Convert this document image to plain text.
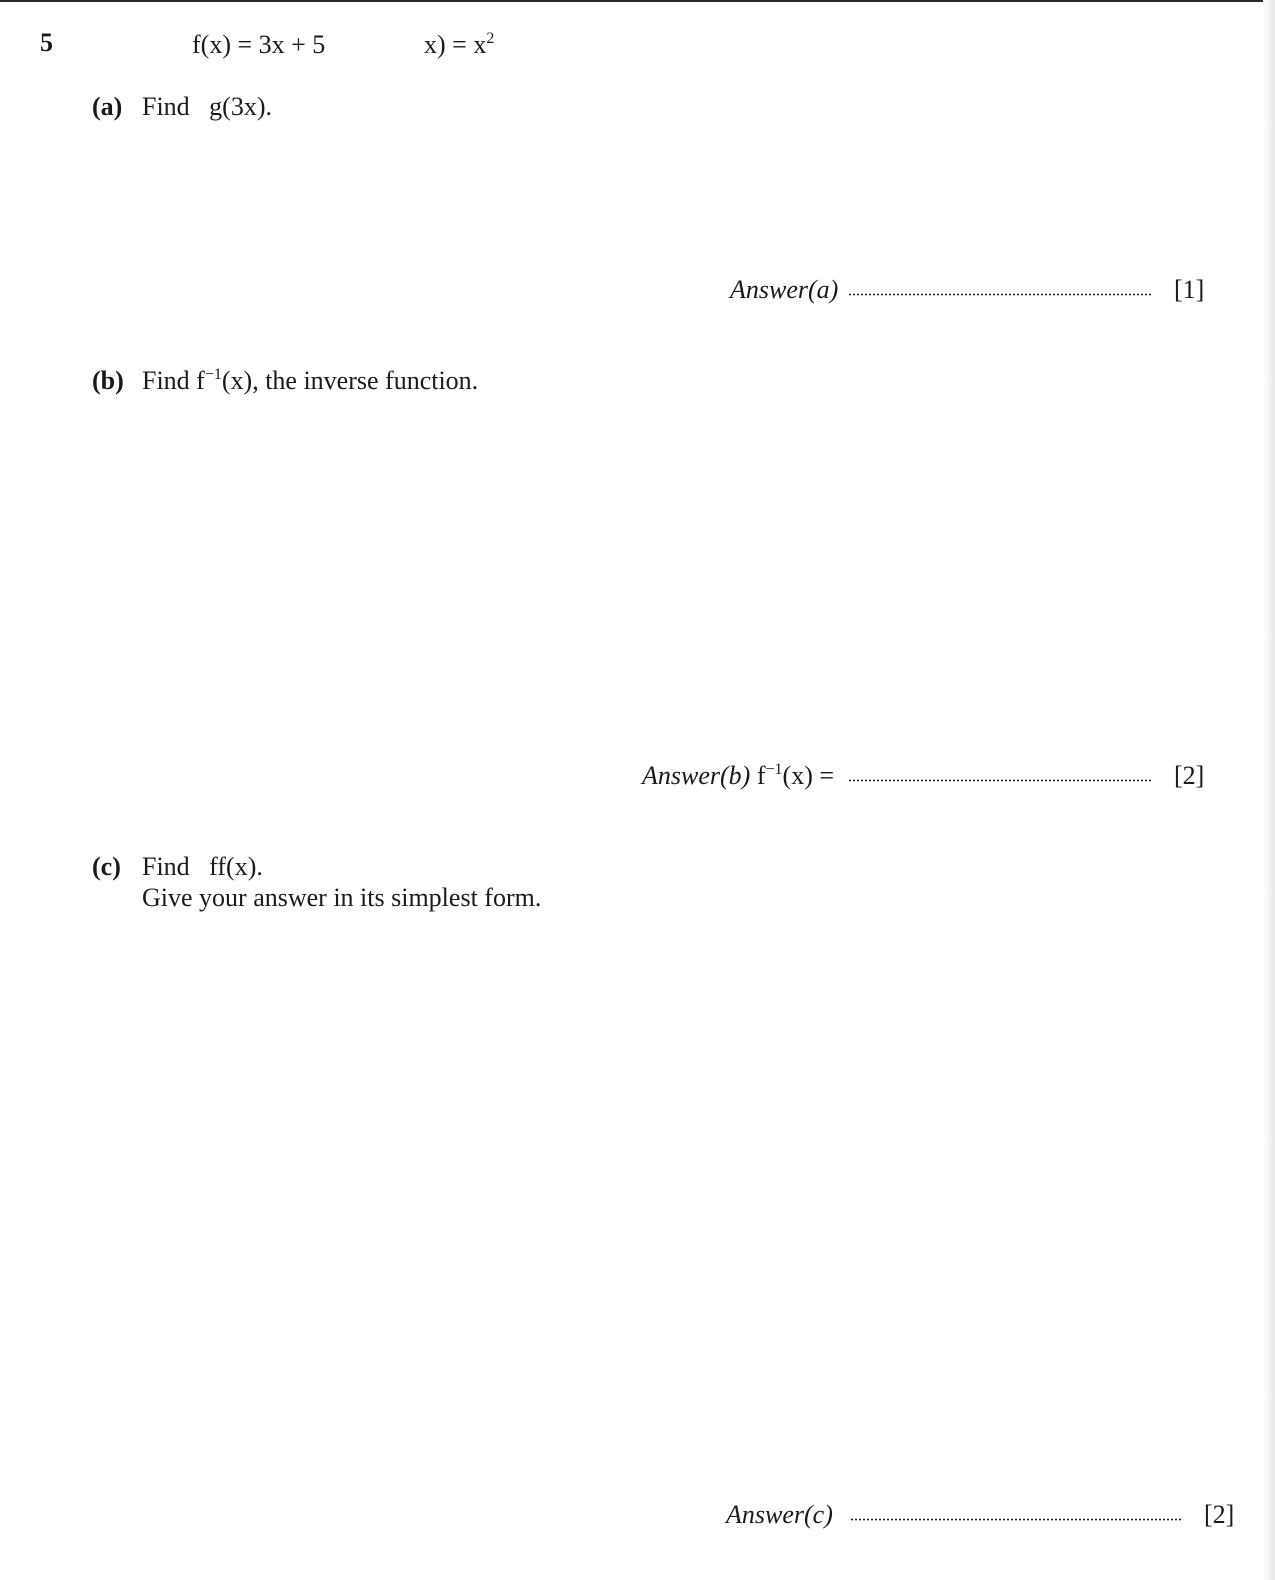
5	f(x) = 3x + 5	$x) = x^2$
(a) Find   g(3x).
Answer(a)	[1]
(b) Find $f^{-1}(x)$, the inverse function.
Answer(b) $f^{-1}(x)$ =	[2]
(c) Find   ff(x).
Give your answer in its simplest form.
Answer(c)	[2]
